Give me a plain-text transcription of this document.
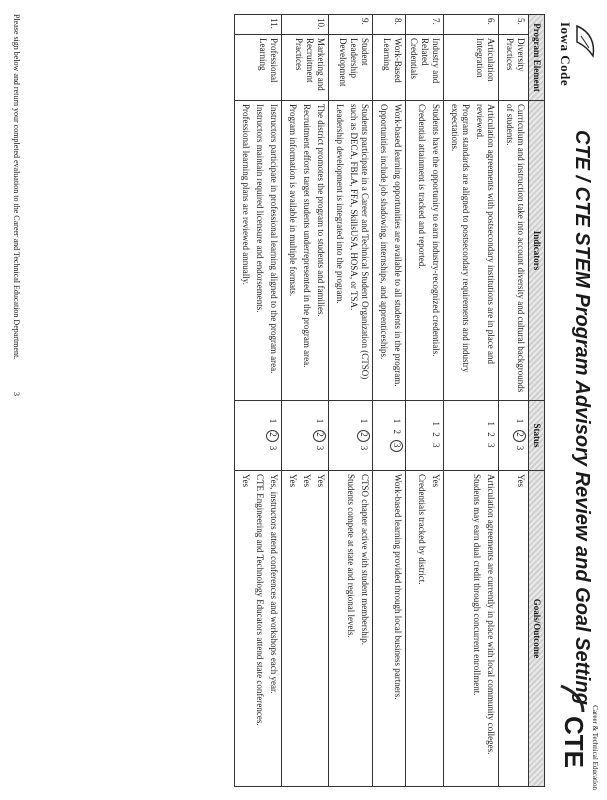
Iowa Code
CTE / CTE STEM Program Advisory Review and Goal Setting
Career & Technical Education
CTE
Program Element		Indicators	Status	Goals/Outcome
5.	Diversity Practices	Curriculum and instruction take into account diversity and cultural backgrounds of students.	1 2 3	Yes

6.	Articulation Integration	Articulation agreements with postsecondary institutions are in place and reviewed.
Program standards are aligned to postsecondary requirements and industry expectations.	1 2 3	Articulation agreements are currently in place with local community colleges.
Students may earn dual credit through concurrent enrollment.

7.	Industry and Related Credentials	Students have the opportunity to earn industry-recognized credentials.
Credential attainment is tracked and reported.	1 2 3	Yes
Credentials tracked by district.

8.	Work-Based Learning	Work-based learning opportunities are available to all students in the program.
Opportunities include job shadowing, internships, and apprenticeships.	1 2 3	Work-based learning provided through local business partners.

9.	Student Leadership Development	Students participate in a Career and Technical Student Organization (CTSO) such as DECA, FBLA, FFA, SkillsUSA, HOSA, or TSA.
Leadership development is integrated into the program.	1 2 3	CTSO chapter active with student membership.
Students compete at state and regional levels.

10.	Marketing and Recruitment Practices	The district promotes the program to students and families.
Recruitment efforts target students underrepresented in the program area.
Program information is available in multiple formats.	1 2 3	Yes
Yes
Yes

11.	Professional Learning	Instructors participate in professional learning aligned to the program area.
Instructors maintain required licensure and endorsements.
Professional learning plans are reviewed annually.	1 2 3	Yes, instructors attend conferences and workshops each year.
CTE Engineering and Technology Educators attend state conferences.
Yes
Please sign below and return your completed evaluation to the Career and Technical Education Department.
3
